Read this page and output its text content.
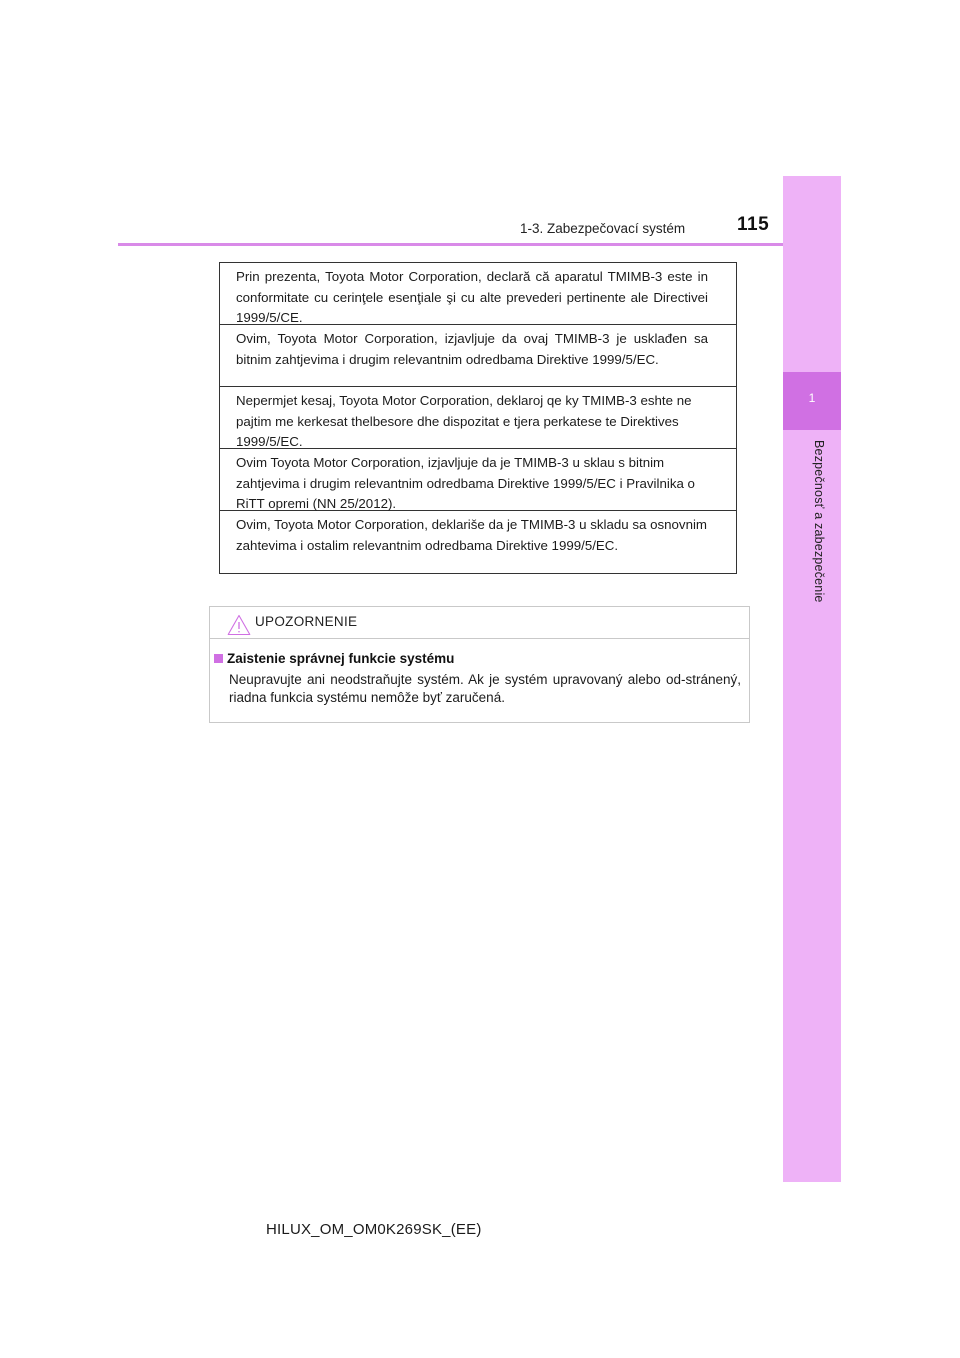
1-3. Zabezpečovací systém	115
1
Bezpečnosť a zabezpečenie
Prin prezenta, Toyota Motor Corporation, declară că aparatul TMIMB-3 este in conformitate cu cerinţele esenţiale şi cu alte prevederi pertinente ale Directivei 1999/5/CE.
Ovim, Toyota Motor Corporation, izjavljuje da ovaj TMIMB-3 je usklađen sa bitnim zahtjevima i drugim relevantnim odredbama Direktive 1999/5/EC.
Nepermjet kesaj, Toyota Motor Corporation, deklaroj qe ky TMIMB-3 eshte ne pajtim me kerkesat thelbesore dhe dispozitat e tjera perkatese te Direktives 1999/5/EC.
Ovim Toyota Motor Corporation, izjavljuje da je TMIMB-3 u sklau s bitnim zahtjevima i drugim relevantnim odredbama Direktive 1999/5/EC i Pravilnika o RiTT opremi (NN 25/2012).
Ovim, Toyota Motor Corporation, deklariše da je TMIMB-3 u skladu sa osnovnim zahtevima i ostalim relevantnim odredbama Direktive 1999/5/EC.
UPOZORNENIE
Zaistenie správnej funkcie systému
Neupravujte ani neodstraňujte systém. Ak je systém upravovaný alebo od-stránený, riadna funkcia systému nemôže byť zaručená.
HILUX_OM_OM0K269SK_(EE)
